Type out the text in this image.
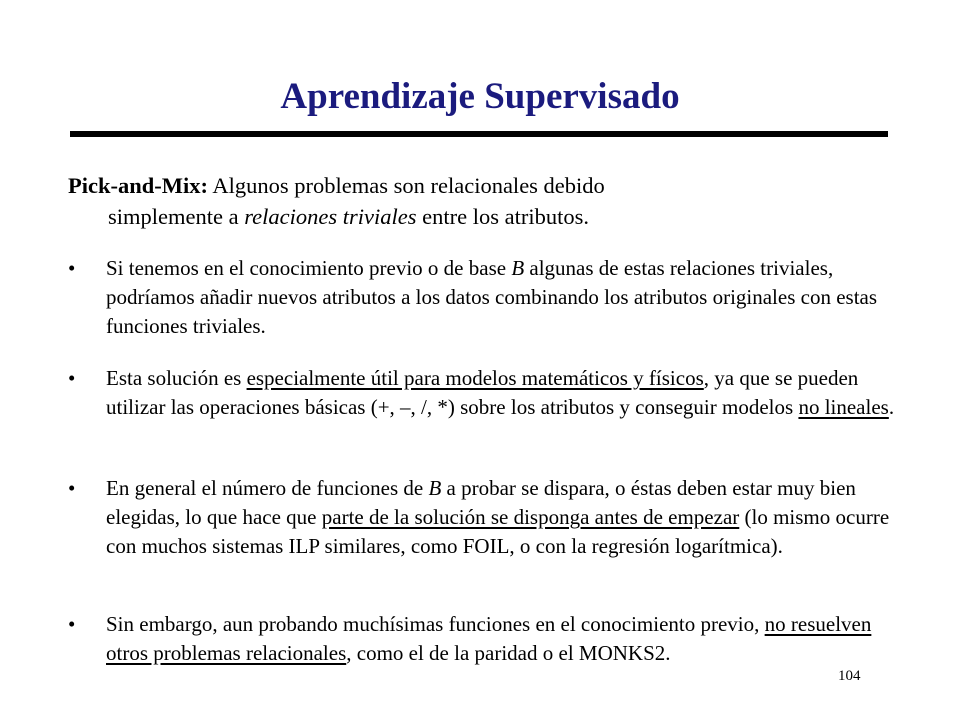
Aprendizaje Supervisado
Pick-and-Mix: Algunos problemas son relacionales debido
simplemente a relaciones triviales entre los atributos.
•	Si tenemos en el conocimiento previo o de base B algunas de estas relaciones triviales, podríamos añadir nuevos atributos a los datos combinando los atributos originales con estas funciones triviales.
•	Esta solución es especialmente útil para modelos matemáticos y físicos, ya que se pueden utilizar las operaciones básicas (+, –, /, *) sobre los atributos y conseguir modelos no lineales.
•	En general el número de funciones de B a probar se dispara, o éstas deben estar muy bien elegidas, lo que hace que parte de la solución se disponga antes de empezar (lo mismo ocurre con muchos sistemas ILP similares, como FOIL, o con la regresión logarítmica).
•	Sin embargo, aun probando muchísimas funciones en el conocimiento previo, no resuelven otros problemas relacionales, como el de la paridad o el MONKS2.
104
